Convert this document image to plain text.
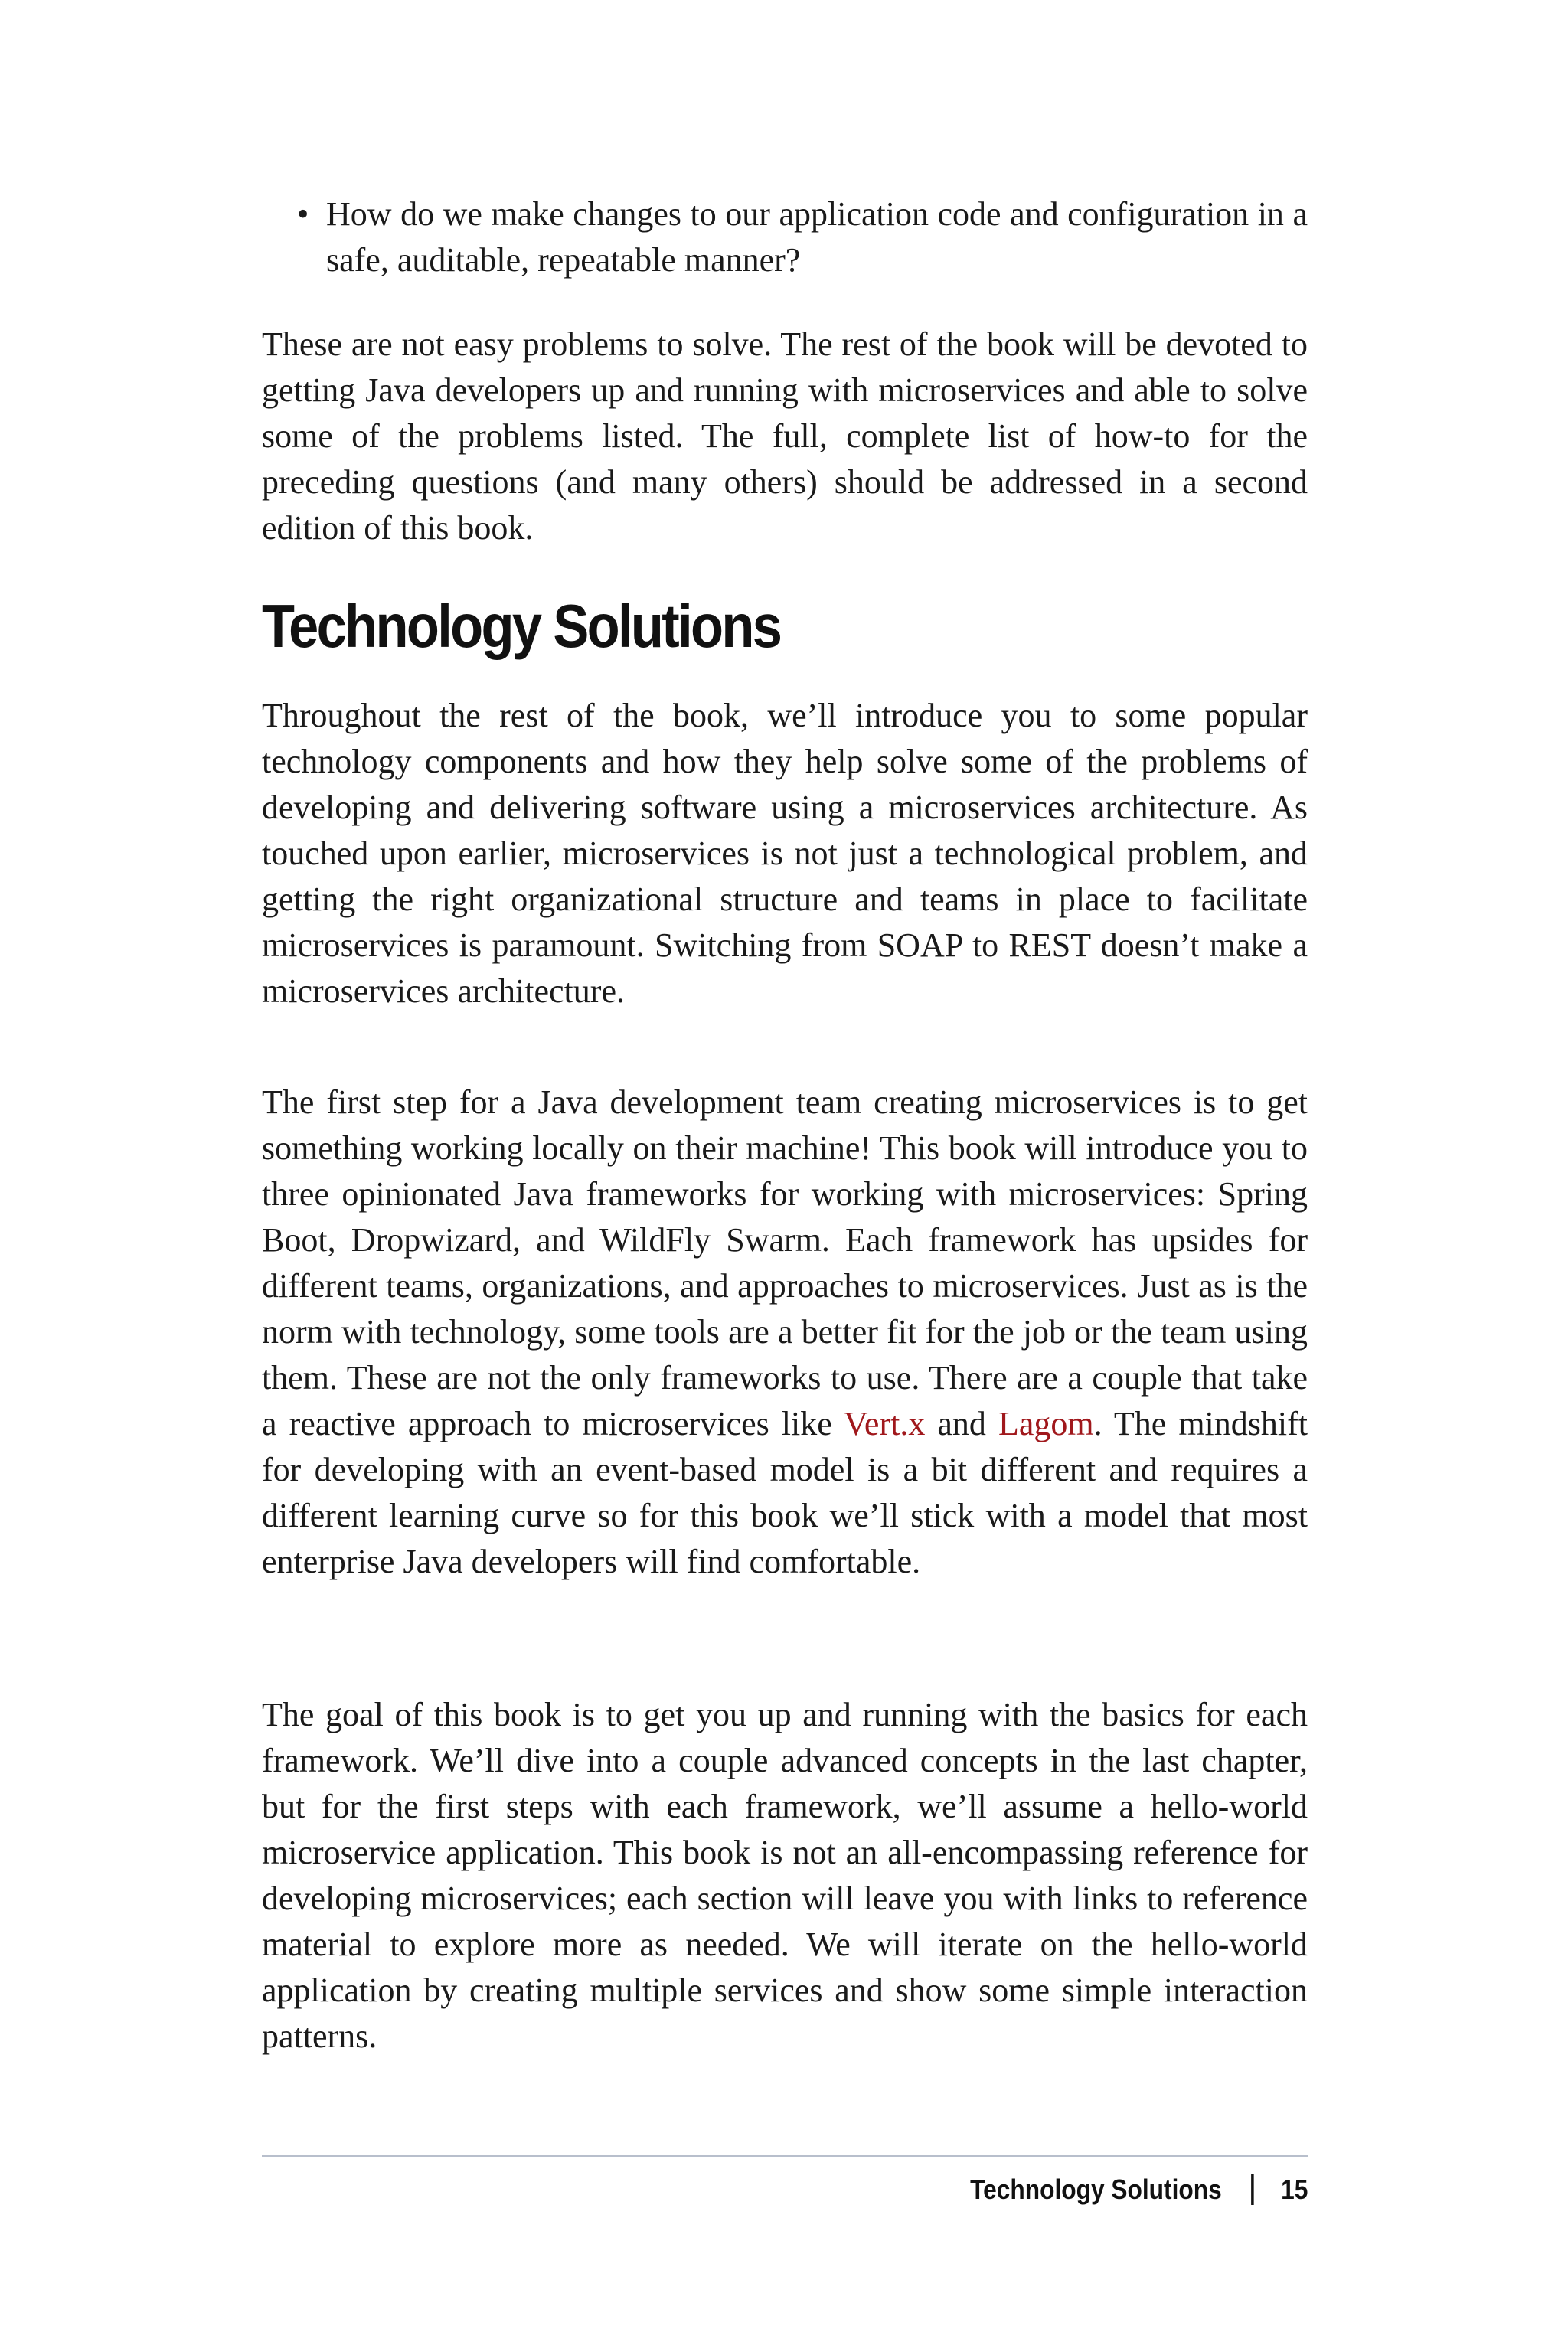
• How do we make changes to our application code and configuration in a safe, auditable, repeatable manner?

These are not easy problems to solve. The rest of the book will be devoted to getting Java developers up and running with microservices and able to solve some of the problems listed. The full, complete list of how-to for the preceding questions (and many others) should be addressed in a second edition of this book.

Technology Solutions

Throughout the rest of the book, we’ll introduce you to some popular technology components and how they help solve some of the problems of developing and delivering software using a microservices architecture. As touched upon earlier, microservices is not just a technological problem, and getting the right organizational structure and teams in place to facilitate microservices is paramount. Switching from SOAP to REST doesn’t make a microservices architecture.

The first step for a Java development team creating microservices is to get something working locally on their machine! This book will introduce you to three opinionated Java frameworks for working with microservices: Spring Boot, Dropwizard, and WildFly Swarm. Each framework has upsides for different teams, organizations, and approaches to microservices. Just as is the norm with technology, some tools are a better fit for the job or the team using them. These are not the only frameworks to use. There are a couple that take a reactive approach to microservices like Vert.x and Lagom. The mindshift for developing with an event-based model is a bit different and requires a different learning curve so for this book we’ll stick with a model that most enterprise Java developers will find comfortable.

The goal of this book is to get you up and running with the basics for each framework. We’ll dive into a couple advanced concepts in the last chapter, but for the first steps with each framework, we’ll assume a hello-world microservice application. This book is not an all-encompassing reference for developing microservices; each section will leave you with links to reference material to explore more as needed. We will iterate on the hello-world application by creating multiple services and show some simple interaction patterns.

Technology Solutions 15
